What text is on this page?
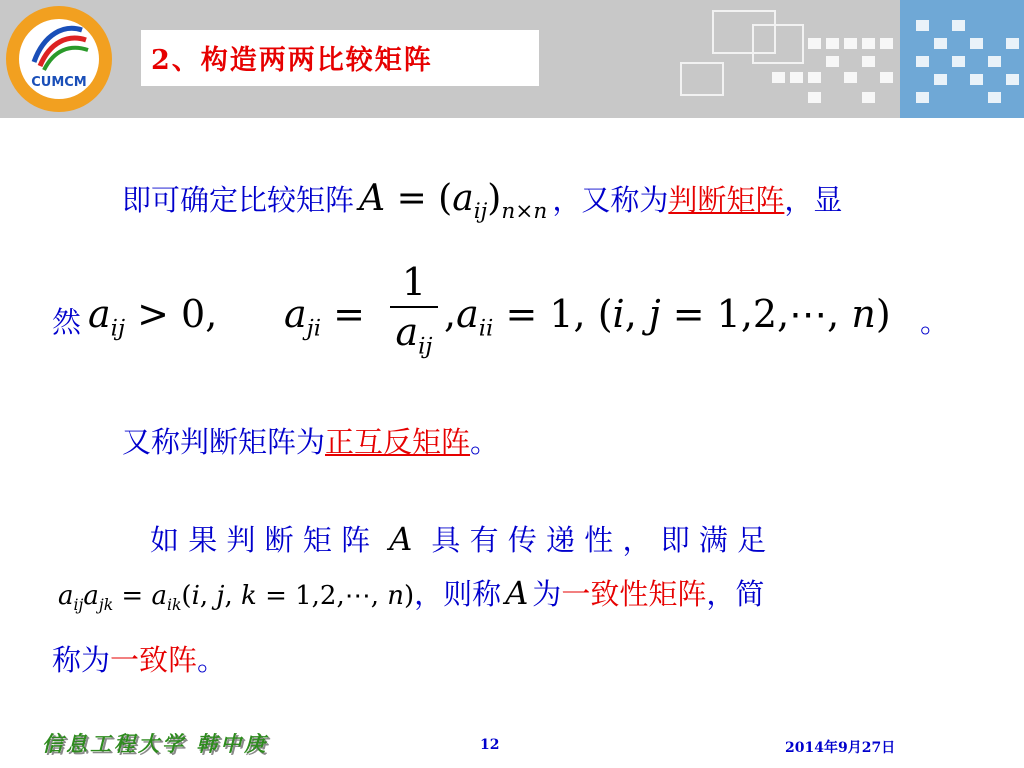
CUMCM
2、构造两两比较矩阵
即可确定比较矩阵 $A = (a_{ij})_{n\times n}$ ，又称为判断矩阵，显
然 $a_{ij} > 0$, $a_{ji}$ =
1
$a_{ij}$
$,a_{ii} = 1$, (i, j = 1,2,⋯, n) 。
又称判断矩阵为正互反矩阵。
如 果 判 断 矩 阵 A 具 有 传 递 性 ， 即 满 足
$a_{ij}a_{jk} = a_{ik}(i$, j, k = 1,2,⋯, n)，则称 A 为一致性矩阵，简
称为一致阵。
信息工程大学 韩中庚	12	2014年9月27日
